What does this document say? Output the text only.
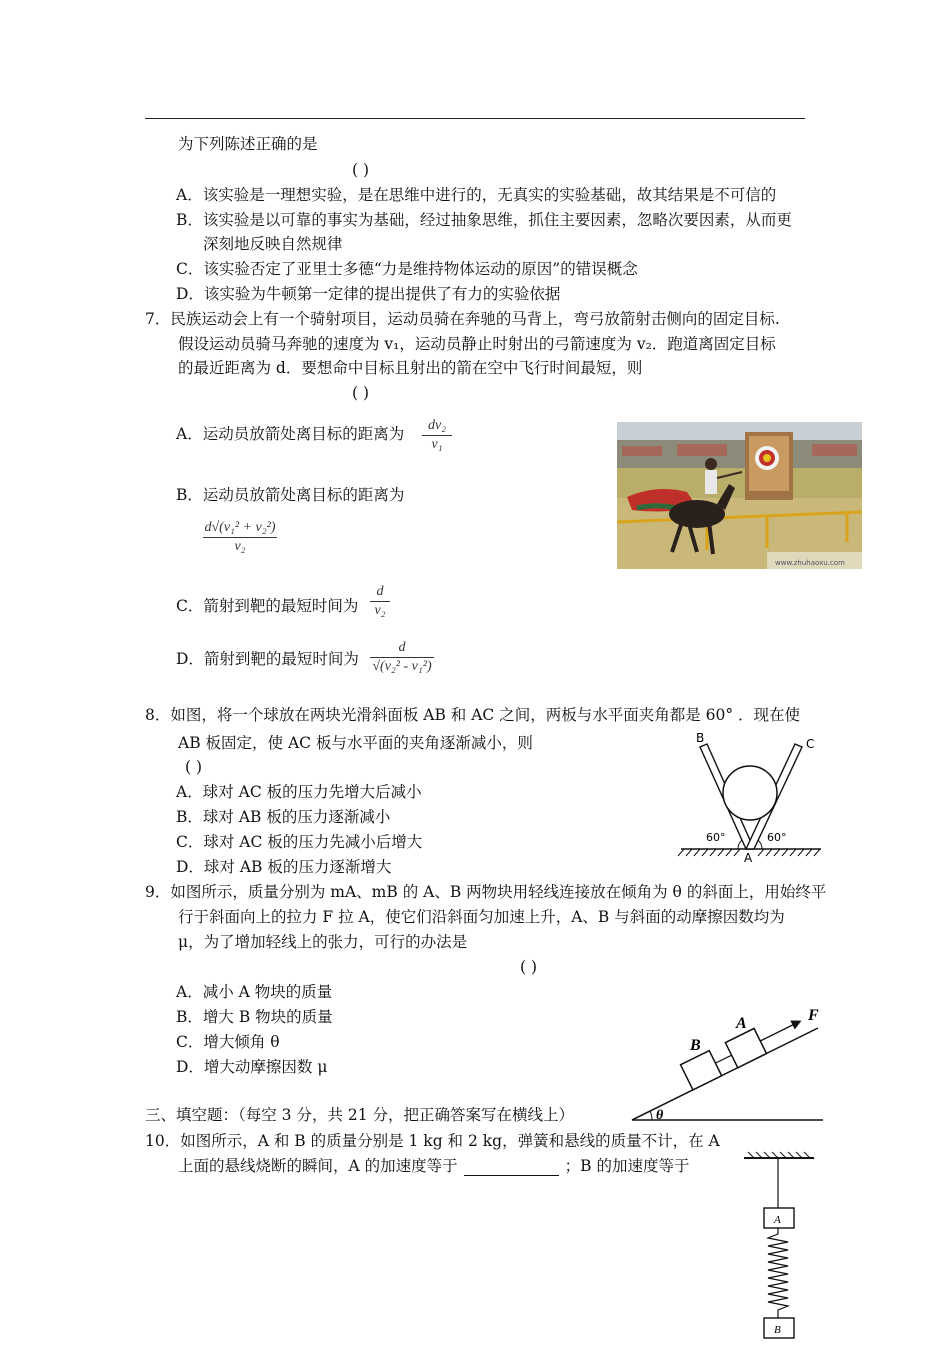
为下列陈述正确的是
( )
A．该实验是一理想实验，是在思维中进行的，无真实的实验基础，故其结果是不可信的
B．该实验是以可靠的事实为基础，经过抽象思维，抓住主要因素，忽略次要因素，从而更
深刻地反映自然规律
C．该实验否定了亚里士多德“力是维持物体运动的原因”的错误概念
D．该实验为牛顿第一定律的提出提供了有力的实验依据
7．民族运动会上有一个骑射项目，运动员骑在奔驰的马背上，弯弓放箭射击侧向的固定目标.
假设运动员骑马奔驰的速度为 v₁，运动员静止时射出的弓箭速度为 v₂．跑道离固定目标
的最近距离为 d．要想命中目标且射出的箭在空中飞行时间最短，则
( )
A．运动员放箭处离目标的距离为	dv₂
v₁
B．运动员放箭处离目标的距离为
d√(v₁² + v₂²)
v₂
C．箭射到靶的最短时间为
d
v₂
D．箭射到靶的最短时间为
d
√(v₂² - v₁²)
www.zhuhaoxu.com
8．如图，将一个球放在两块光滑斜面板 AB 和 AC 之间，两板与水平面夹角都是 60° ．现在使
AB 板固定，使 AC 板与水平面的夹角逐渐减小，则
( )
A．球对 AC 板的压力先增大后减小
B．球对 AB 板的压力逐渐减小
C．球对 AC 板的压力先减小后增大
D．球对 AB 板的压力逐渐增大
B	C
A
60°	60°
9．如图所示，质量分别为 mA、mB 的 A、B 两物块用轻线连接放在倾角为 θ 的斜面上，用始终平
行于斜面向上的拉力 F 拉 A，使它们沿斜面匀加速上升，A、B 与斜面的动摩擦因数均为
μ，为了增加轻线上的张力，可行的办法是
( )
A．减小 A 物块的质量
B．增大 B 物块的质量
C．增大倾角 θ
D．增大动摩擦因数 μ
B
A	F
θ
三、填空题：（每空 3 分，共 21 分，把正确答案写在横线上）
10．如图所示，A 和 B 的质量分别是 1 kg 和 2 kg，弹簧和悬线的质量不计，在 A
上面的悬线烧断的瞬间，A 的加速度等于	；B 的加速度等于
A
B
